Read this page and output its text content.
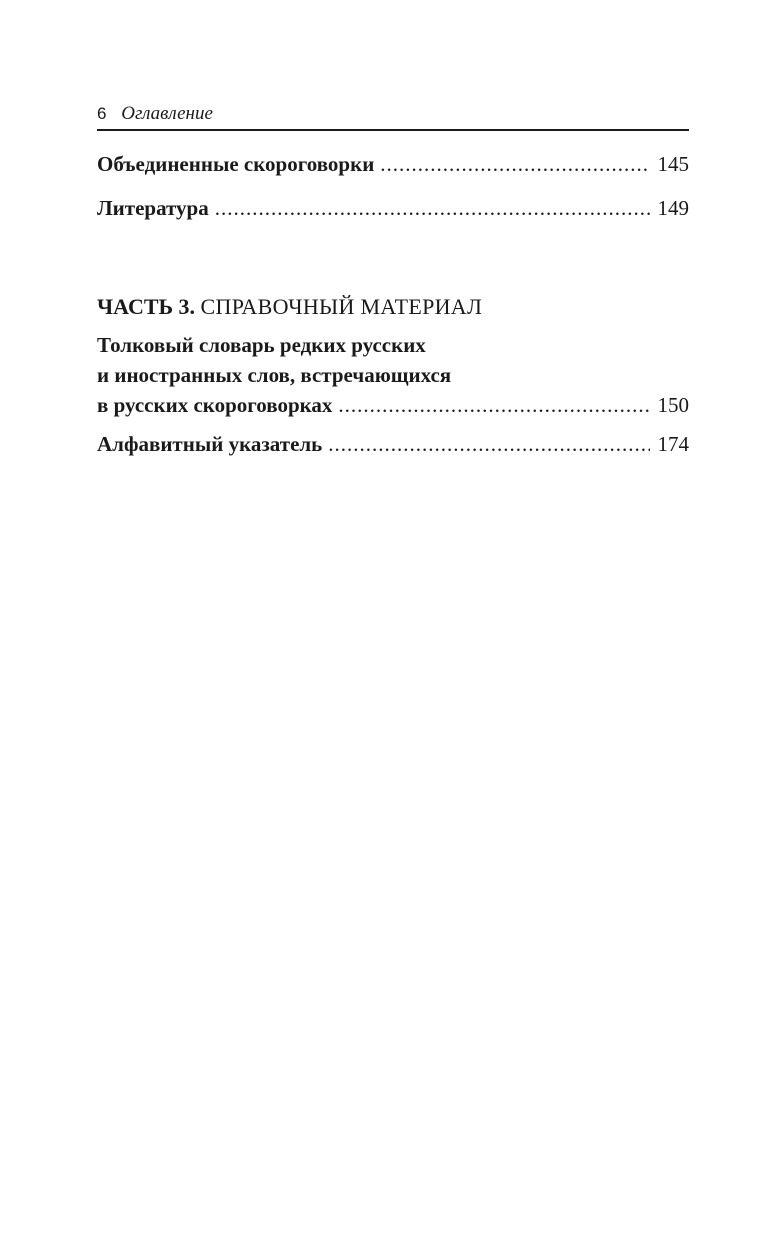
6 Оглавление
Объединенные скороговорки .....	145
Литература .....	149
ЧАСТЬ 3. СПРАВОЧНЫЙ МАТЕРИАЛ
Толковый словарь редких русских
и иностранных слов, встречающихся
в русских скороговорках .....	150
Алфавитный указатель .....	174
